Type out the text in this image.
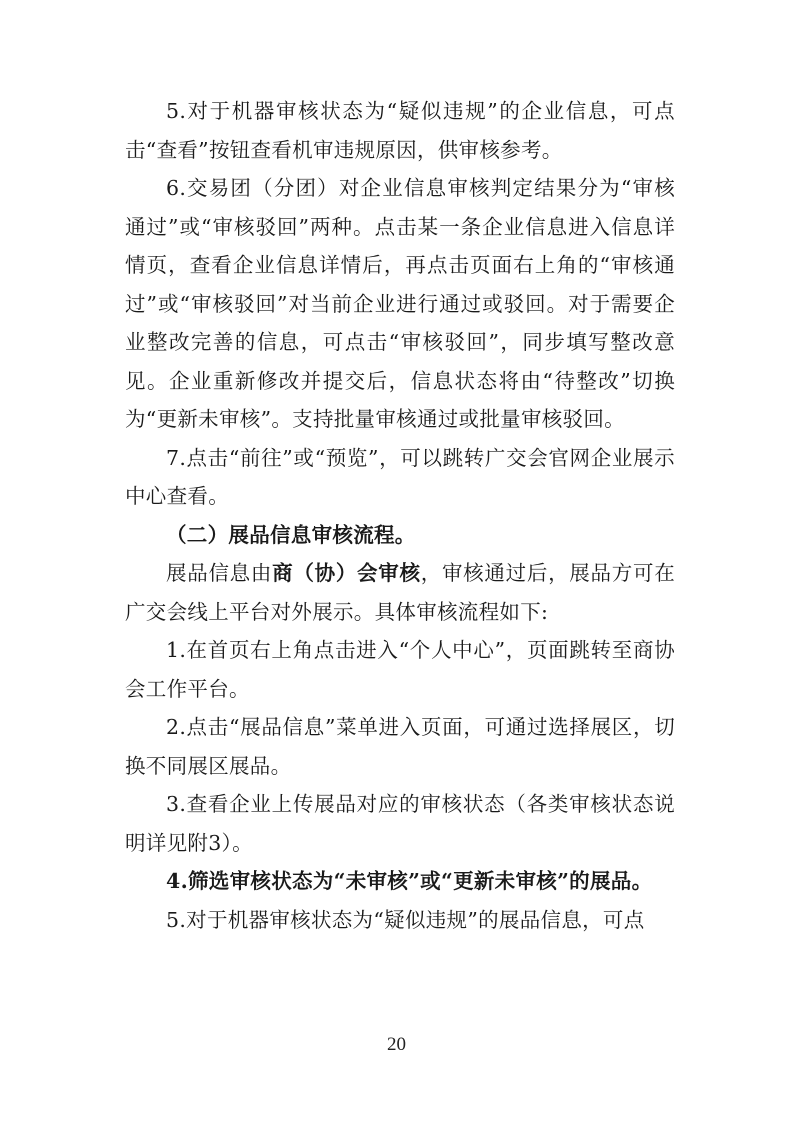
5.对于机器审核状态为“疑似违规”的企业信息，可点击“查看”按钮查看机审违规原因，供审核参考。

6.交易团（分团）对企业信息审核判定结果分为“审核通过”或“审核驳回”两种。点击某一条企业信息进入信息详情页，查看企业信息详情后，再点击页面右上角的“审核通过”或“审核驳回”对当前企业进行通过或驳回。对于需要企业整改完善的信息，可点击“审核驳回”，同步填写整改意见。企业重新修改并提交后，信息状态将由“待整改”切换为“更新未审核”。支持批量审核通过或批量审核驳回。

7.点击“前往”或“预览”，可以跳转广交会官网企业展示中心查看。

（二）展品信息审核流程。

展品信息由商（协）会审核，审核通过后，展品方可在广交会线上平台对外展示。具体审核流程如下:

1.在首页右上角点击进入“个人中心”，页面跳转至商协会工作平台。

2.点击“展品信息”菜单进入页面，可通过选择展区，切换不同展区展品。

3.查看企业上传展品对应的审核状态（各类审核状态说明详见附3）。

4.筛选审核状态为“未审核”或“更新未审核”的展品。

5.对于机器审核状态为“疑似违规”的展品信息，可点

20
